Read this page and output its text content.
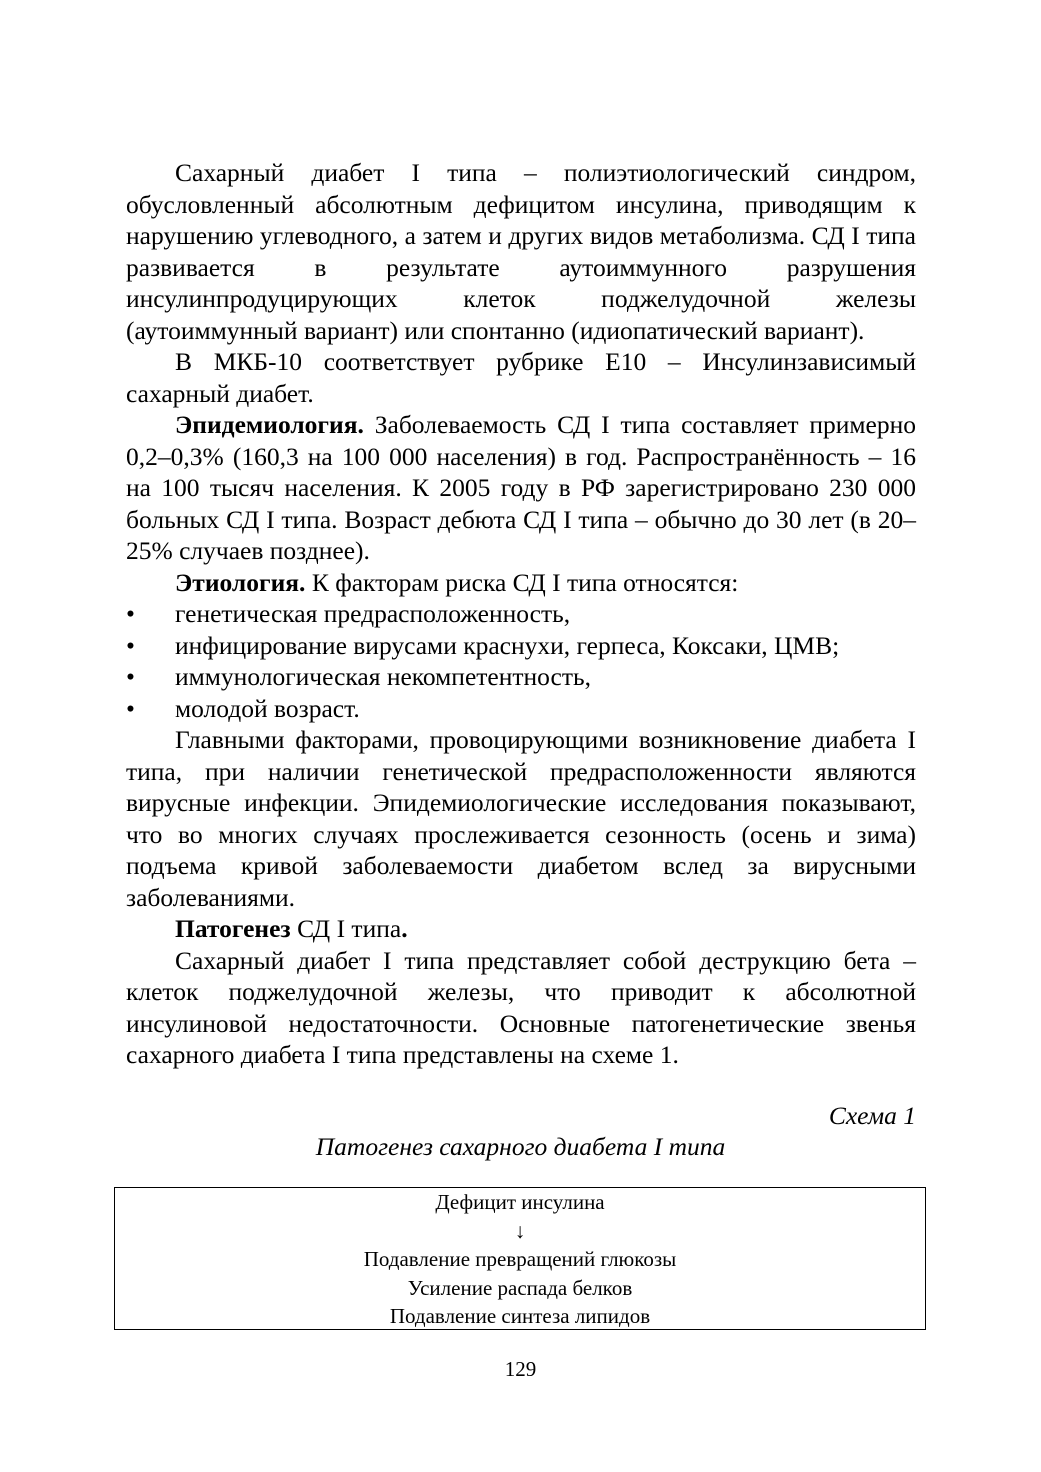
Сахарный диабет I типа – полиэтиологический синдром, обусловленный абсолютным дефицитом инсулина, приводящим к нарушению углеводного, а затем и других видов метаболизма. СД I типа развивается в результате аутоиммунного разрушения инсулинпродуцирующих клеток поджелудочной железы (аутоиммунный вариант) или спонтанно (идиопатический вариант).

В МКБ-10 соответствует рубрике Е10 – Инсулинзависимый сахарный диабет.

Эпидемиология. Заболеваемость СД I типа составляет примерно 0,2–0,3% (160,3 на 100 000 населения) в год. Распространённость – 16 на 100 тысяч населения. К 2005 году в РФ зарегистрировано 230 000 больных СД I типа. Возраст дебюта СД I типа – обычно до 30 лет (в 20–25% случаев позднее).

Этиология. К факторам риска СД I типа относятся:

• генетическая предрасположенность,
• инфицирование вирусами краснухи, герпеса, Коксаки, ЦМВ;
• иммунологическая некомпетентность,
• молодой возраст.

Главными факторами, провоцирующими возникновение диабета I типа, при наличии генетической предрасположенности являются вирусные инфекции. Эпидемиологические исследования показывают, что во многих случаях прослеживается сезонность (осень и зима) подъема кривой заболеваемости диабетом вслед за вирусными заболеваниями.

Патогенез СД I типа.

Сахарный диабет I типа представляет собой деструкцию бета – клеток поджелудочной железы, что приводит к абсолютной инсулиновой недостаточности. Основные патогенетические звенья сахарного диабета I типа представлены на схеме 1.

Схема 1
Патогенез сахарного диабета I типа
Дефицит инсулина
↓
Подавление превращений глюкозы
Усиление распада белков
Подавление синтеза липидов
129
